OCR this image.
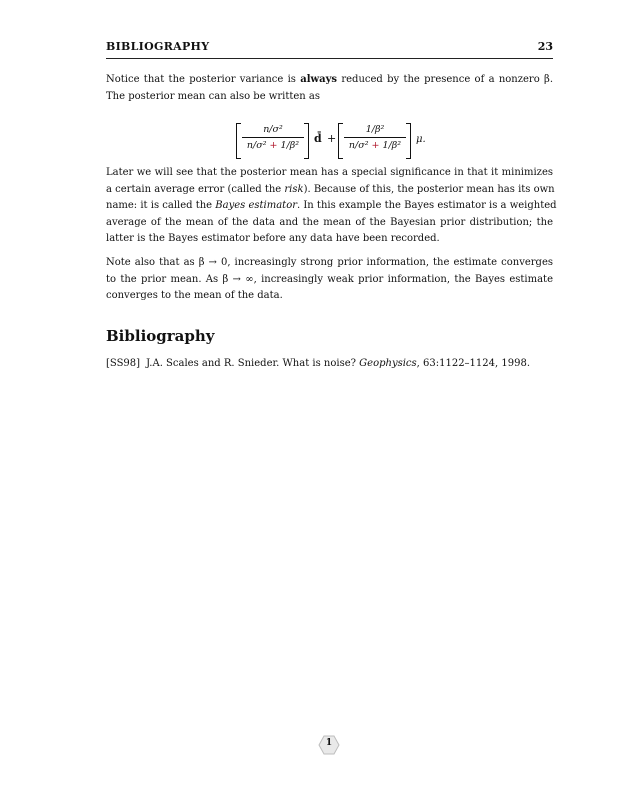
BIBLIOGRAPHY	23
Notice that the posterior variance is always reduced by the presence of a nonzero β.
The posterior mean can also be written as
n/σ²
n/σ² + 1/β²
d̄ +
1/β²
n/σ² + 1/β²
μ.
Later we will see that the posterior mean has a special significance in that it minimizes
a certain average error (called the risk). Because of this, the posterior mean has its own
name: it is called the Bayes estimator. In this example the Bayes estimator is a weighted
average of the mean of the data and the mean of the Bayesian prior distribution; the
latter is the Bayes estimator before any data have been recorded.
Note also that as β → 0, increasingly strong prior information, the estimate converges
to the prior mean. As β → ∞, increasingly weak prior information, the Bayes estimate
converges to the mean of the data.
Bibliography
[SS98] J.A. Scales and R. Snieder. What is noise? Geophysics, 63:1122–1124, 1998.
1
